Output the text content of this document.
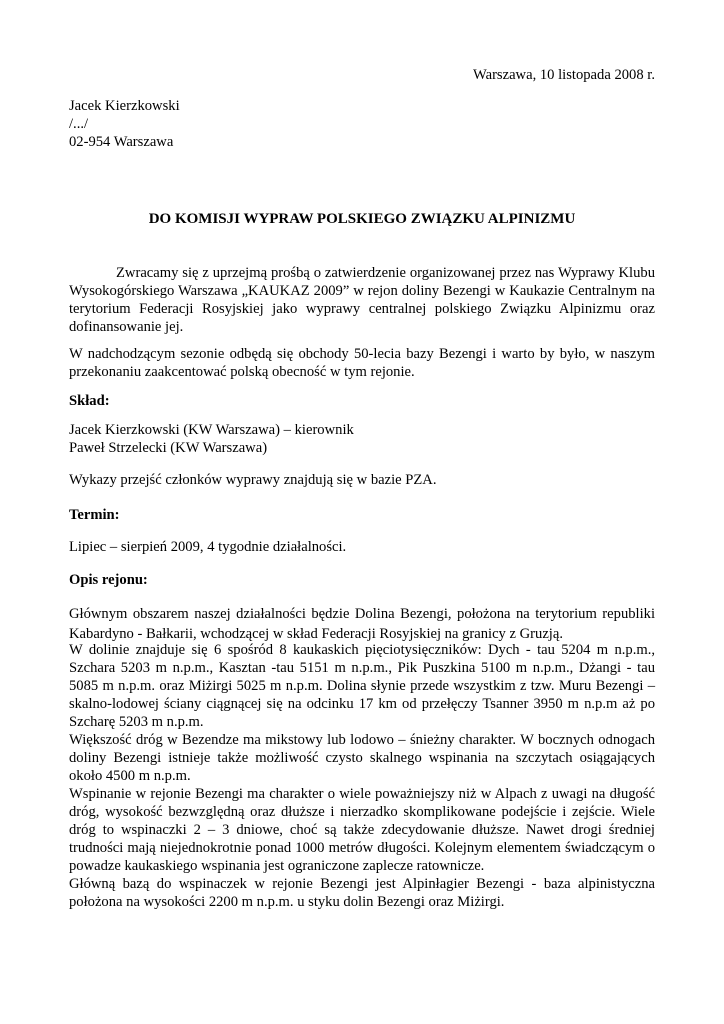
Warszawa, 10 listopada 2008 r.
Jacek Kierzkowski
/.../
02-954 Warszawa
DO KOMISJI WYPRAW POLSKIEGO ZWIĄZKU ALPINIZMU
Zwracamy się z uprzejmą prośbą o zatwierdzenie organizowanej przez nas Wyprawy Klubu
Wysokogórskiego Warszawa „KAUKAZ 2009” w rejon doliny Bezengi w Kaukazie Centralnym na
terytorium Federacji Rosyjskiej jako wyprawy centralnej polskiego Związku Alpinizmu oraz
dofinansowanie jej.
W nadchodzącym sezonie odbędą się obchody 50-lecia bazy Bezengi i warto by było, w naszym
przekonaniu zaakcentować polską obecność w tym rejonie.
Skład:
Jacek Kierzkowski (KW Warszawa) – kierownik
Paweł Strzelecki (KW Warszawa)
Wykazy przejść członków wyprawy znajdują się w bazie PZA.
Termin:
Lipiec – sierpień 2009, 4 tygodnie działalności.
Opis rejonu:
Głównym obszarem naszej działalności będzie Dolina Bezengi, położona na terytorium republiki
Kabardyno - Bałkarii, wchodzącej w skład Federacji Rosyjskiej na granicy z Gruzją.
W dolinie znajduje się 6 spośród 8 kaukaskich pięciotysięczników: Dych - tau 5204 m n.p.m.,
Szchara 5203 m n.p.m., Kasztan -tau 5151 m n.p.m., Pik Puszkina 5100 m n.p.m., Dżangi - tau
5085 m n.p.m. oraz Miżirgi 5025 m n.p.m. Dolina słynie przede wszystkim z tzw. Muru Bezengi –
skalno-lodowej ściany ciągnącej się na odcinku 17 km od przełęczy Tsanner 3950 m n.p.m aż po
Szcharę 5203 m n.p.m.
Większość dróg w Bezendze ma mikstowy lub lodowo – śnieżny charakter. W bocznych odnogach
doliny Bezengi istnieje także możliwość czysto skalnego wspinania na szczytach osiągających
około 4500 m n.p.m.
Wspinanie w rejonie Bezengi ma charakter o wiele poważniejszy niż w Alpach z uwagi na długość
dróg, wysokość bezwzględną oraz dłuższe i nierzadko skomplikowane podejście i zejście. Wiele
dróg to wspinaczki 2 – 3 dniowe, choć są także zdecydowanie dłuższe. Nawet drogi średniej
trudności mają niejednokrotnie ponad 1000 metrów długości. Kolejnym elementem świadczącym o
powadze kaukaskiego wspinania jest ograniczone zaplecze ratownicze.
Główną bazą do wspinaczek w rejonie Bezengi jest Alpinłagier Bezengi - baza alpinistyczna
położona na wysokości 2200 m n.p.m. u styku dolin Bezengi oraz Miżirgi.
